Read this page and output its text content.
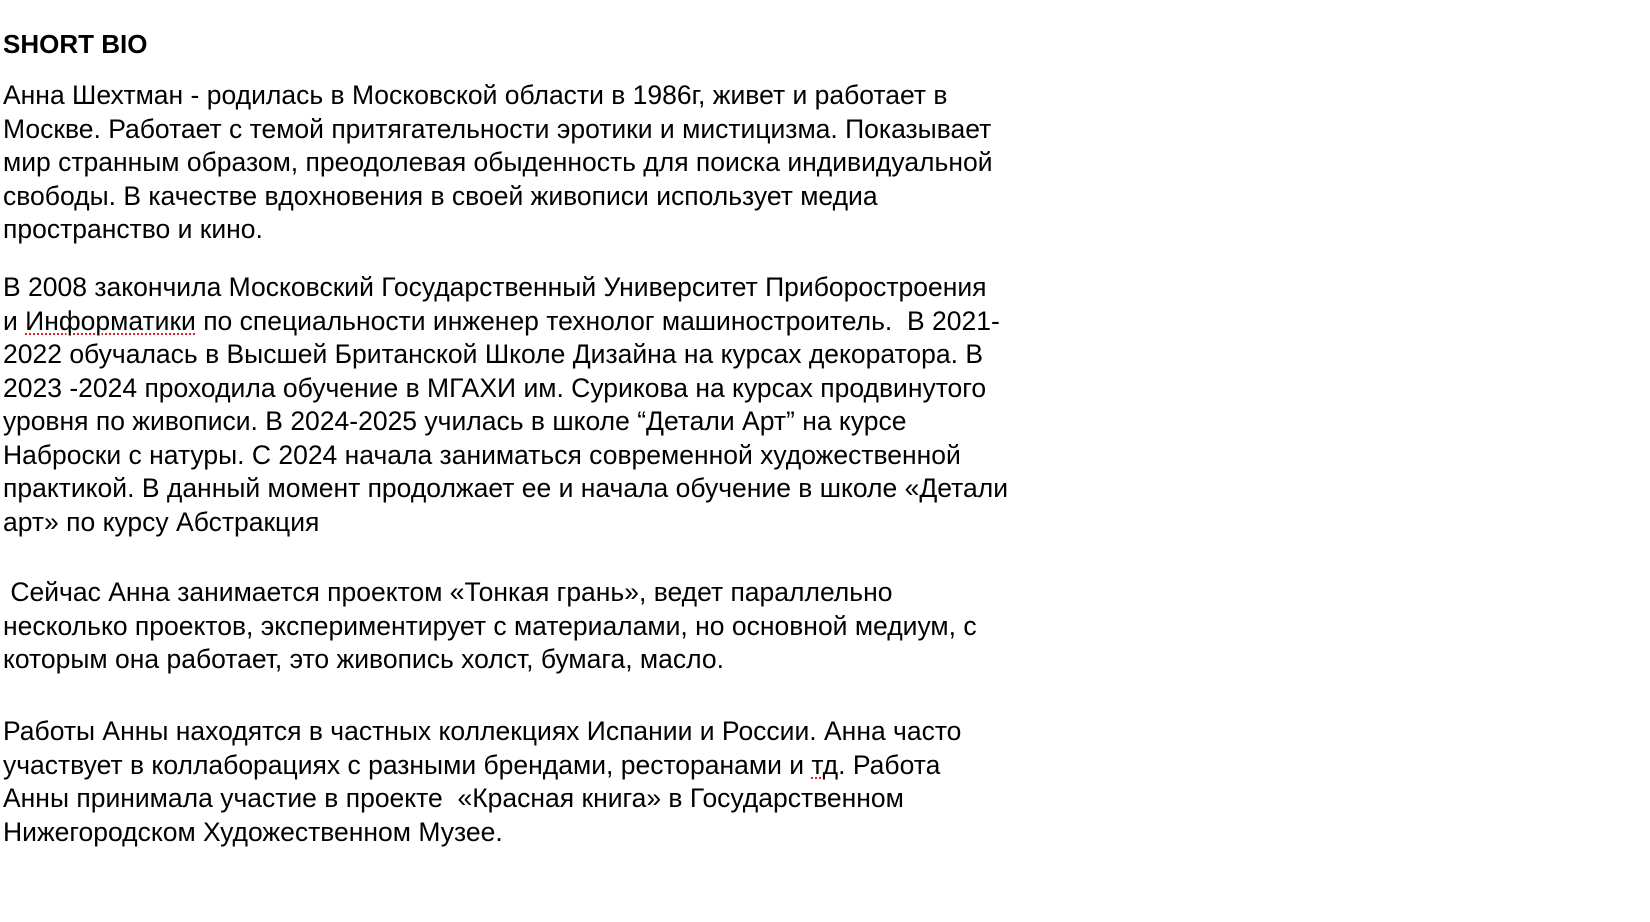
SHORT BIO
Анна Шехтман - родилась в Московской области в 1986г, живет и работает в
Москве. Работает с темой притягательности эротики и мистицизма. Показывает
мир странным образом, преодолевая обыденность для поиска индивидуальной
свободы. В качестве вдохновения в своей живописи использует медиа
пространство и кино.
В 2008 закончила Московский Государственный Университет Приборостроения
и Информатики по специальности инженер технолог машиностроитель.  В 2021-
2022 обучалась в Высшей Британской Школе Дизайна на курсах декоратора. В
2023 -2024 проходила обучение в МГАХИ им. Сурикова на курсах продвинутого
уровня по живописи. В 2024-2025 училась в школе “Детали Арт” на курсе
Наброски с натуры. С 2024 начала заниматься современной художественной
практикой. В данный момент продолжает ее и начала обучение в школе «Детали
арт» по курсу Абстракция
Сейчас Анна занимается проектом «Тонкая грань», ведет параллельно
несколько проектов, экспериментирует с материалами, но основной медиум, с
которым она работает, это живопись холст, бумага, масло.
Работы Анны находятся в частных коллекциях Испании и России. Анна часто
участвует в коллаборациях с разными брендами, ресторанами и тд. Работа
Анны принимала участие в проекте  «Красная книга» в Государственном
Нижегородском Художественном Музее.
